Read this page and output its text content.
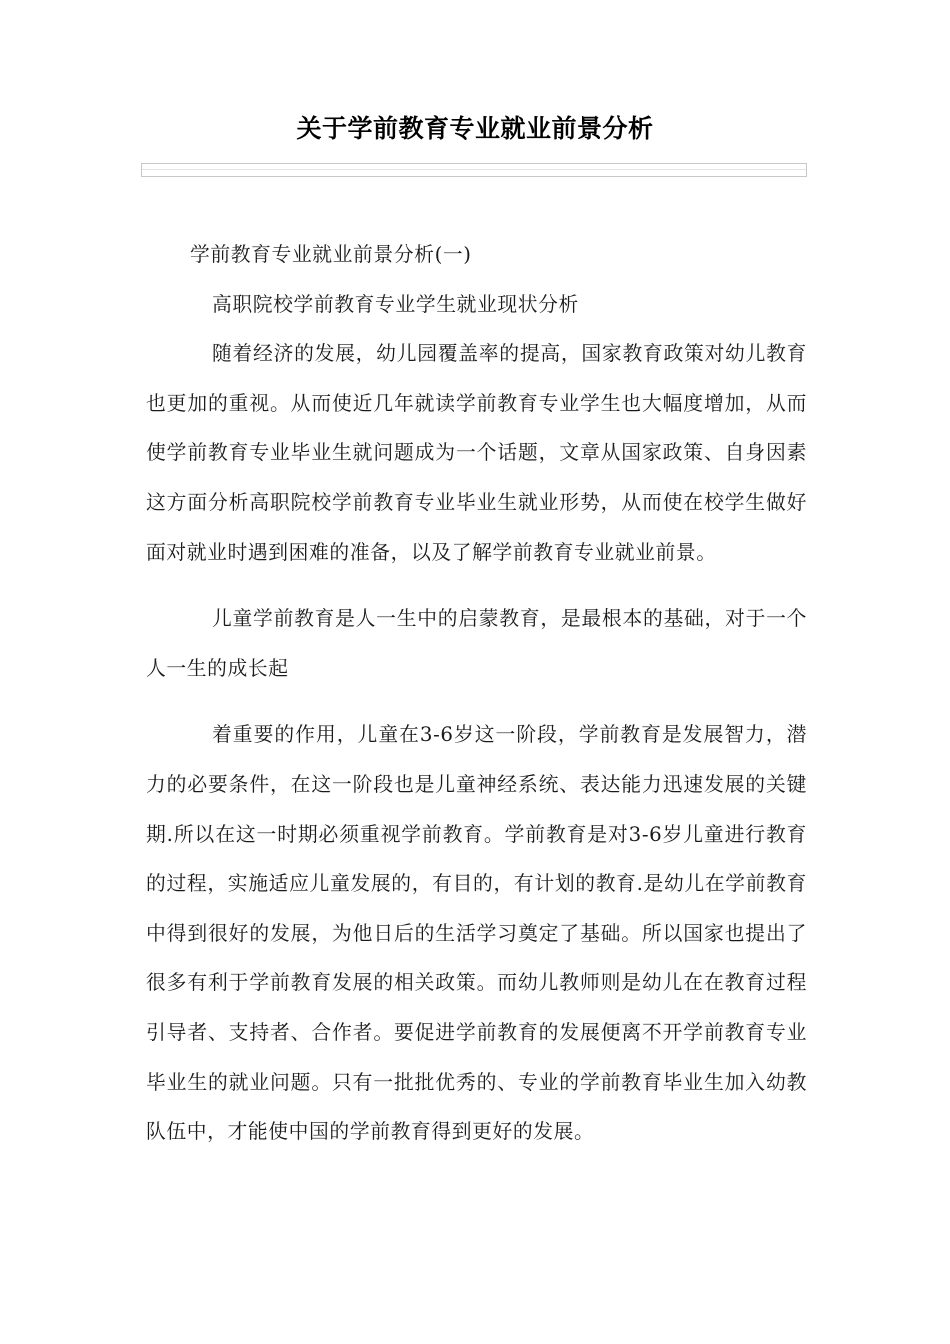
关于学前教育专业就业前景分析

学前教育专业就业前景分析(一)

高职院校学前教育专业学生就业现状分析

随着经济的发展，幼儿园覆盖率的提高，国家教育政策对幼儿教育也更加的重视。从而使近几年就读学前教育专业学生也大幅度增加，从而使学前教育专业毕业生就问题成为一个话题，文章从国家政策、自身因素这方面分析高职院校学前教育专业毕业生就业形势，从而使在校学生做好面对就业时遇到困难的准备，以及了解学前教育专业就业前景。

儿童学前教育是人一生中的启蒙教育，是最根本的基础，对于一个人一生的成长起

着重要的作用，儿童在3-6岁这一阶段，学前教育是发展智力，潜力的必要条件，在这一阶段也是儿童神经系统、表达能力迅速发展的关键期.所以在这一时期必须重视学前教育。学前教育是对3-6岁儿童进行教育的过程，实施适应儿童发展的，有目的，有计划的教育.是幼儿在学前教育中得到很好的发展，为他日后的生活学习奠定了基础。所以国家也提出了很多有利于学前教育发展的相关政策。而幼儿教师则是幼儿在在教育过程引导者、支持者、合作者。要促进学前教育的发展便离不开学前教育专业毕业生的就业问题。只有一批批优秀的、专业的学前教育毕业生加入幼教队伍中，才能使中国的学前教育得到更好的发展。
